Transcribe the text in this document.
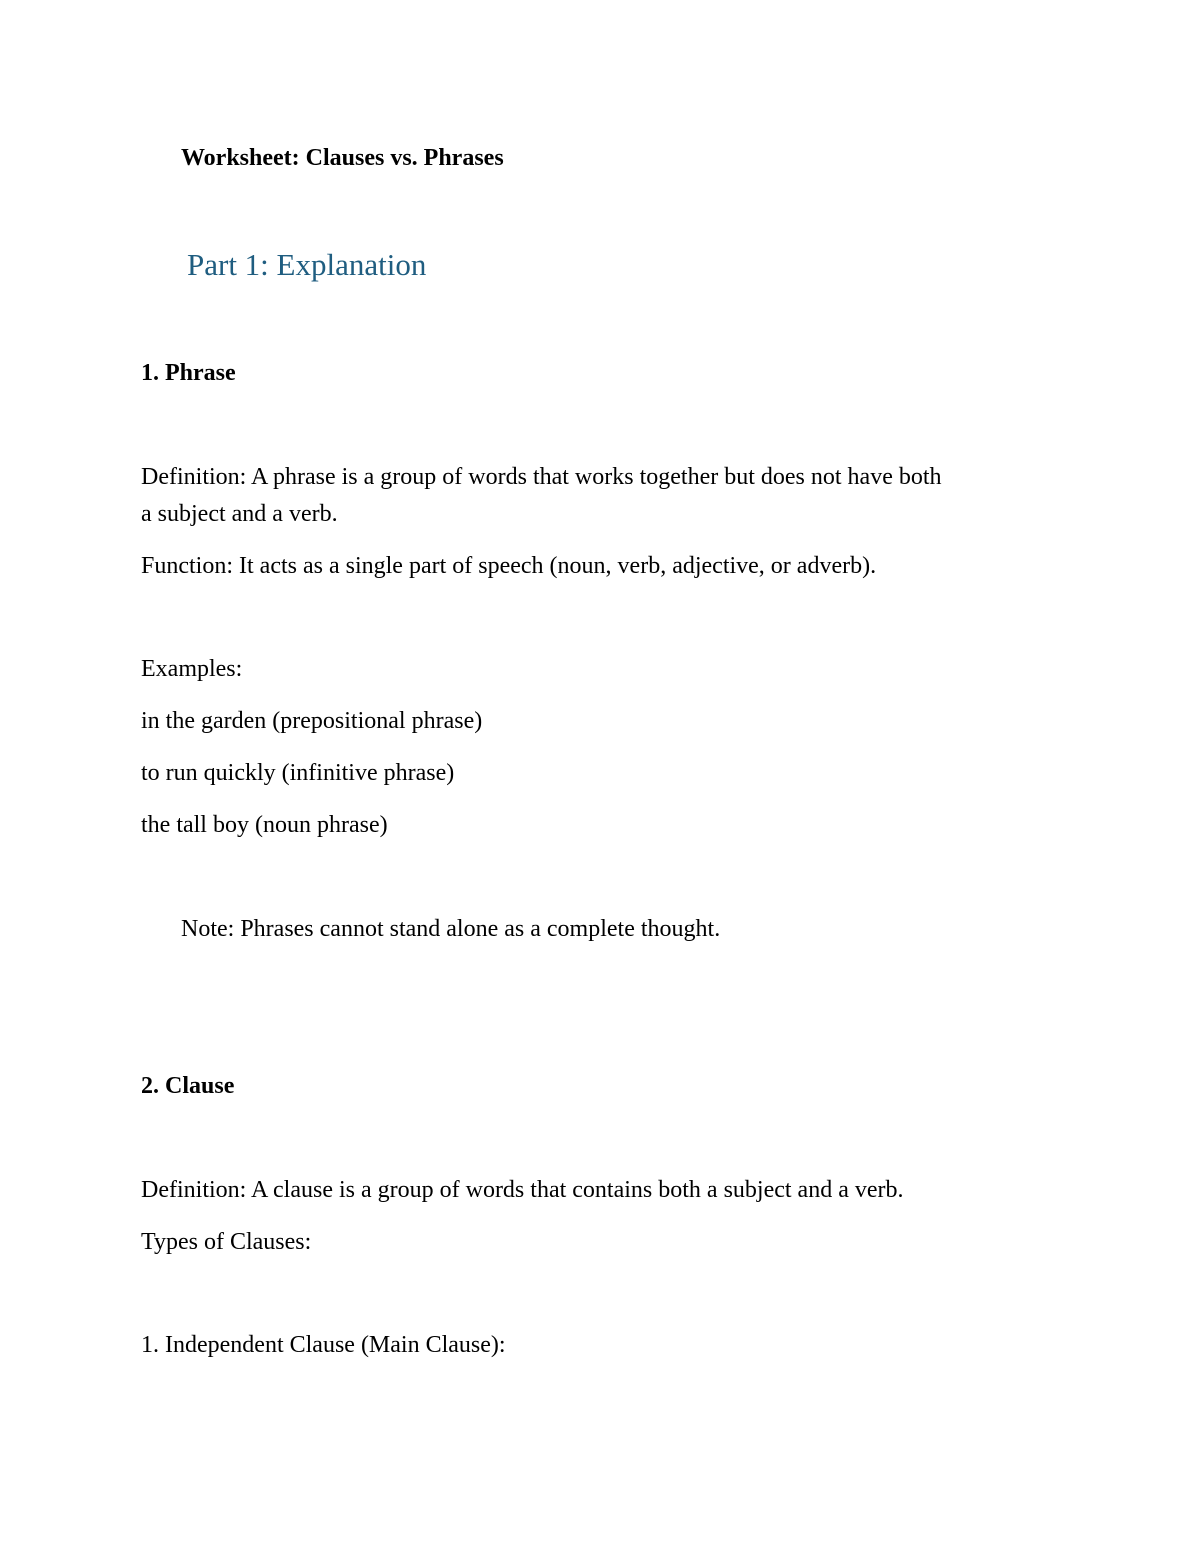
Worksheet: Clauses vs. Phrases
Part 1: Explanation
1. Phrase
Definition: A phrase is a group of words that works together but does not have both
a subject and a verb.
Function: It acts as a single part of speech (noun, verb, adjective, or adverb).
Examples:
in the garden (prepositional phrase)
to run quickly (infinitive phrase)
the tall boy (noun phrase)
Note: Phrases cannot stand alone as a complete thought.
2. Clause
Definition: A clause is a group of words that contains both a subject and a verb.
Types of Clauses:
1. Independent Clause (Main Clause):
